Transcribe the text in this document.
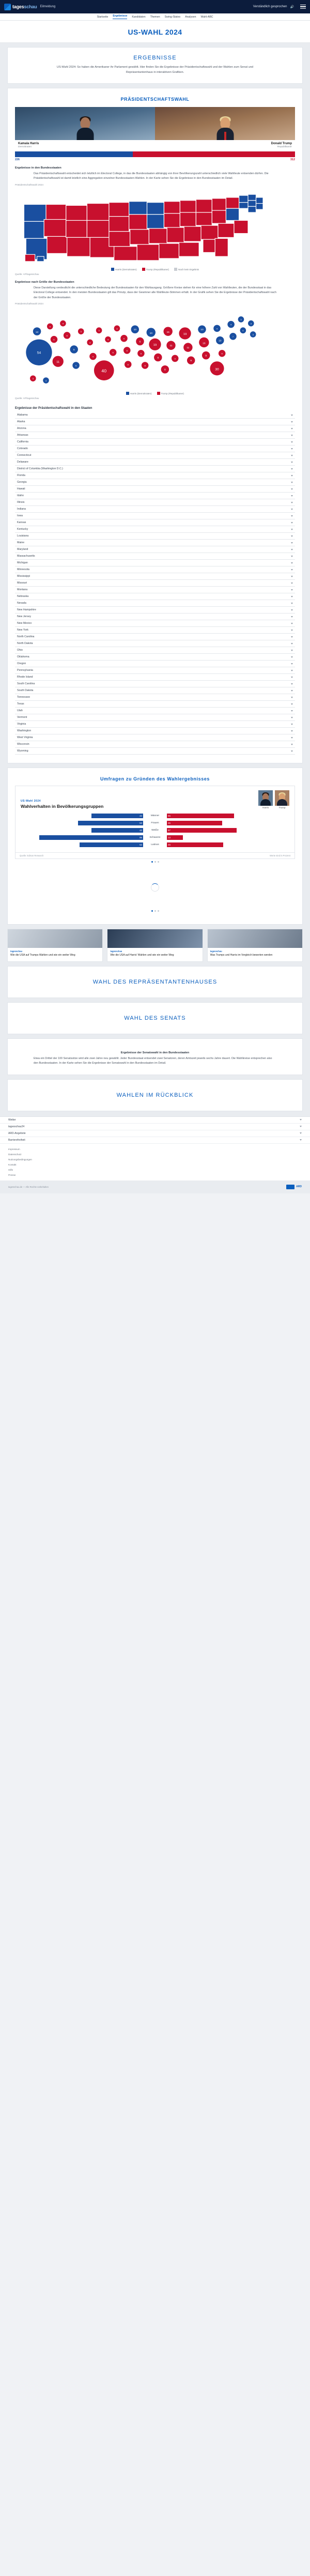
tagesschau Eilmeldung	Verständlich gesprochen 🔊
Startseite Ergebnisse Kandidaten Themen Swing-States Analysen Wahl-ABC
US-WAHL 2024
ERGEBNISSE

US-Wahl 2024: So haben die Amerikaner ihr Parlament gewählt. Hier finden Sie die Ergebnisse der Präsidentschaftswahl und der Wahlen zum Senat und Repräsentantenhaus in interaktiven Grafiken.

PRÄSIDENTSCHAFTSWAHL
Kamala Harris
Demokraten
Donald Trump
Republikaner
226	312
Ergebnisse in den Bundesstaaten

Das Präsidentschaftswahl entscheidet sich letztlich im Electoral College, in das die Bundesstaaten abhängig von ihrer Bevölkerungszahl unterschiedlich viele Wahlleute entsenden dürfen. Die Präsidentschaftswahl ist damit letztlich eine Aggregation einzelner Bundesstaaten-Wahlen. In der Karte sehen Sie die Ergebnisse in den Bundesstaaten im Detail.

Präsidentschaftswahl 2024
Harris (Demokraten)	Trump (Republikaner)	Noch kein Ergebnis
Quelle: AP/tagesschau
Ergebnisse nach Größe der Bundesstaaten

Diese Darstellung verdeutlicht die unterschiedliche Bedeutung der Bundesstaaten für den Wahlausgang. Größere Kreise stehen für eine höhere Zahl von Wahlleuten, die der Bundesstaat in das Electoral College entsendet. In den meisten Bundesstaaten gilt das Prinzip, dass der Gewinner alle Wahlleute-Stimmen erhält. In der Grafik sehen Sie die Ergebnisse der Präsidentschaftswahl nach der Größe der Bundesstaaten.

Präsidentschaftswahl 2024
54
12
4
4
6
6
11
5
5
3
3
4
40
3
4
6
3
6
6
8
10
6
6
8
10
19
8
8
15
11
9
19
11
9
10
16
9
30
4
10
6
4
7
3
4
3
3
3
4
Harris (Demokraten)	Trump (Republikaner)
Quelle: AP/tagesschau
Ergebnisse der Präsidentschaftswahl in den Staaten
Alabama
Alaska
Arizona
Arkansas
California
Colorado
Connecticut
Delaware
District of Columbia (Washington D.C.)
Florida
Georgia
Hawaii
Idaho
Illinois
Indiana
Iowa
Kansas
Kentucky
Louisiana
Maine
Maryland
Massachusetts
Michigan
Minnesota
Mississippi
Missouri
Montana
Nebraska
Nevada
New Hampshire
New Jersey
New Mexico
New York
North Carolina
North Dakota
Ohio
Oklahoma
Oregon
Pennsylvania
Rhode Island
South Carolina
South Dakota
Tennessee
Texas
Utah
Vermont
Virginia
Washington
West Virginia
Wisconsin
Wyoming
Umfragen zu Gründen des Wahlergebnisses
US-Wahl 2024
Wahlverhalten in Bevölkerungsgruppen	Harris	Trump
42	Männer	55
53	Frauen	45
42	Weiße	57
85	Schwarze	13
52	Latinos	46
Quelle: Edison Research	Werte sind in Prozent
tagesschau
Wie die USA auf Trumps Wahlen und wie ein weiter Weg
tagesschau
Wie die USA auf Harris' Wahlen und wie ein weiter Weg
tagesschau
Was Trumps und Harris im Vergleich bewerten werden
WAHL DES REPRÄSENTANTENHAUSES
WAHL DES SENATS
Ergebnisse der Senatswahl in den Bundesstaaten

Etwa ein Drittel der 100 Senatssitze wird alle zwei Jahre neu gewählt. Jeder Bundesstaat entsendet zwei Senatoren, deren Amtszeit jeweils sechs Jahre dauert. Die Wahlkreise entsprechen also den Bundesstaaten. In der Karte sehen Sie die Ergebnisse der Senatswahl in den Bundesstaaten im Detail.

WAHLEN IM RÜCKBLICK
Wetter
tagesschau24
ARD-Angebote
Barrierefreiheit
Impressum
Datenschutz
Nutzungsbedingungen
Kontakt
Hilfe
Presse
tagesschau.de — Alle Rechte vorbehalten	ARD
